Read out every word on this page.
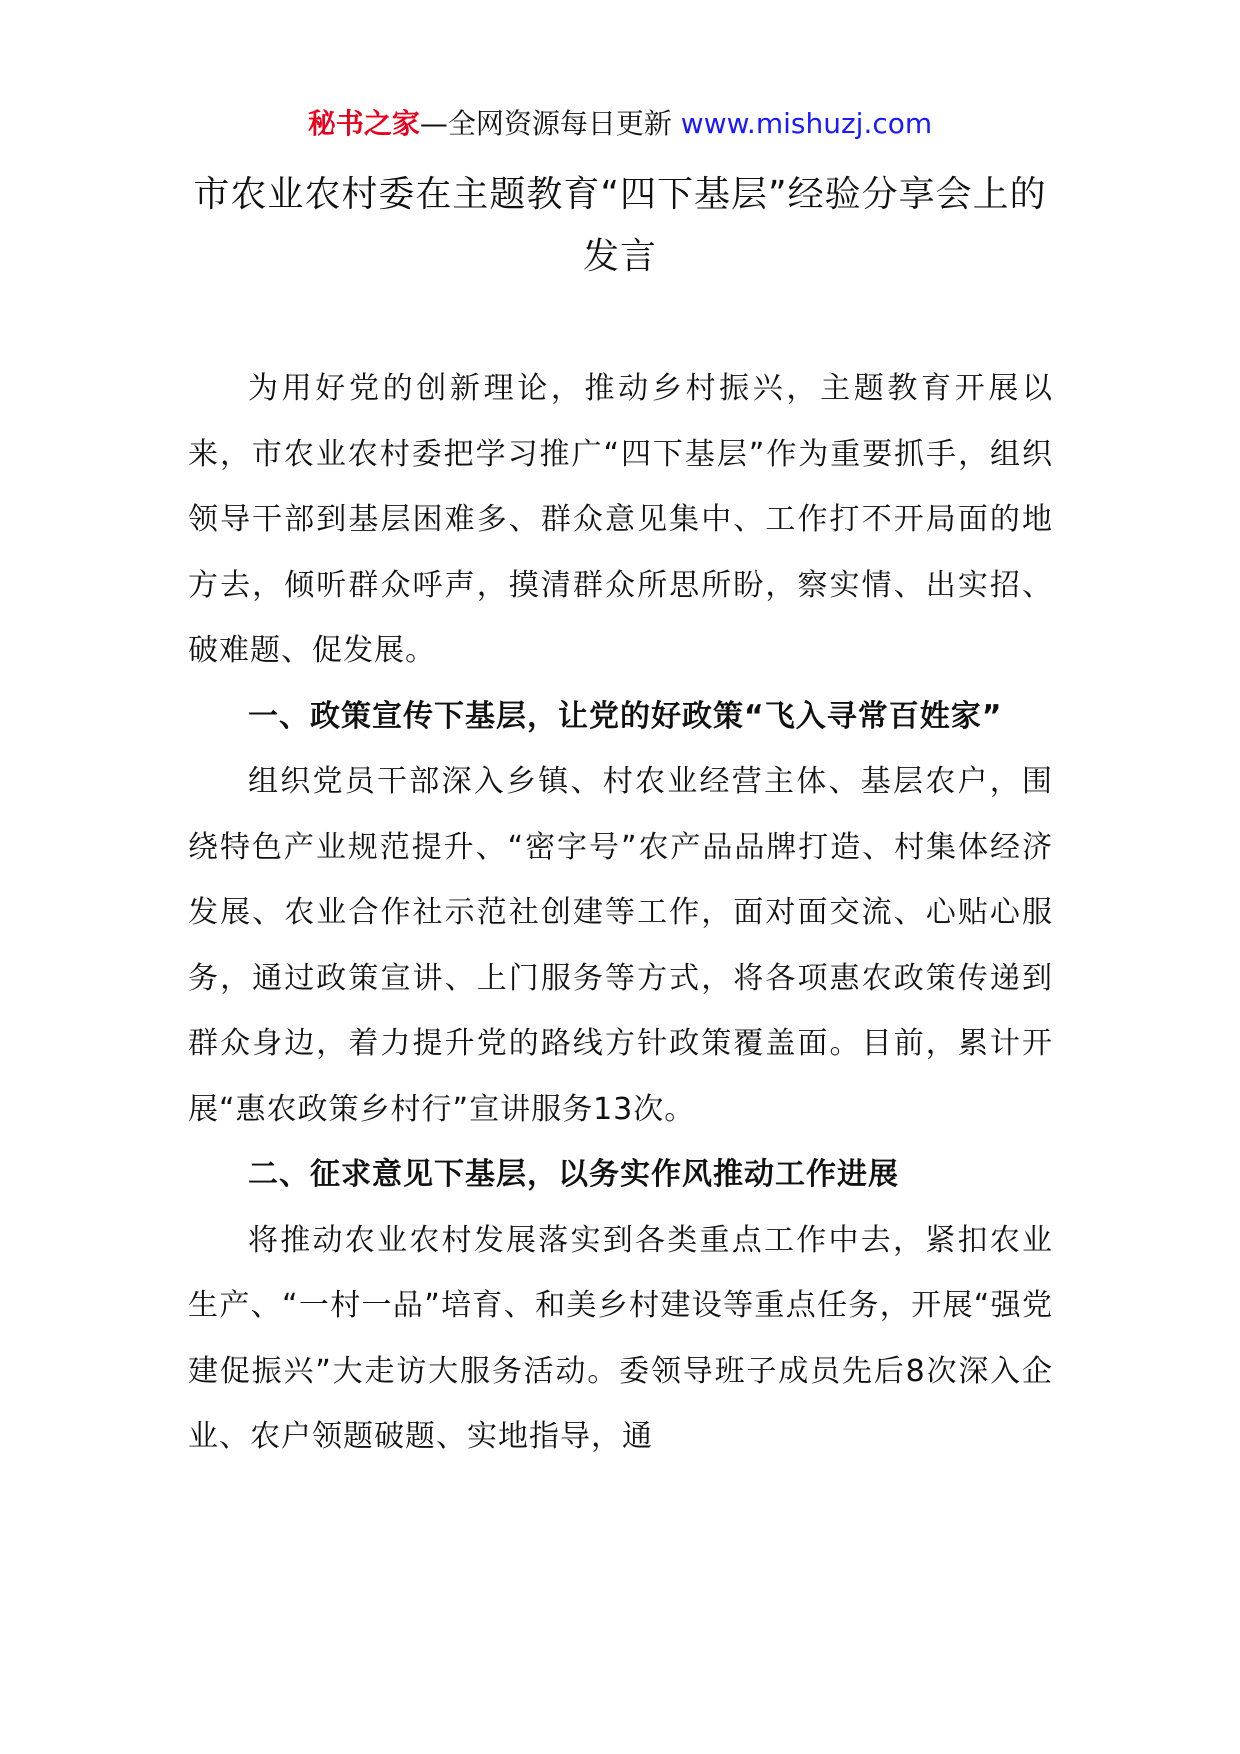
秘书之家—全网资源每日更新 www.mishuzj.com
市农业农村委在主题教育“四下基层”经验分享会上的发言

为用好党的创新理论，推动乡村振兴，主题教育开展以来，市农业农村委把学习推广“四下基层”作为重要抓手，组织领导干部到基层困难多、群众意见集中、工作打不开局面的地方去，倾听群众呼声，摸清群众所思所盼，察实情、出实招、破难题、促发展。

一、政策宣传下基层，让党的好政策“飞入寻常百姓家”

组织党员干部深入乡镇、村农业经营主体、基层农户，围绕特色产业规范提升、“密字号”农产品品牌打造、村集体经济发展、农业合作社示范社创建等工作，面对面交流、心贴心服务，通过政策宣讲、上门服务等方式，将各项惠农政策传递到群众身边，着力提升党的路线方针政策覆盖面。目前，累计开展“惠农政策乡村行”宣讲服务13次。

二、征求意见下基层，以务实作风推动工作进展

将推动农业农村发展落实到各类重点工作中去，紧扣农业生产、“一村一品”培育、和美乡村建设等重点任务，开展“强党建促振兴”大走访大服务活动。委领导班子成员先后8次深入企业、农户领题破题、实地指导，通
